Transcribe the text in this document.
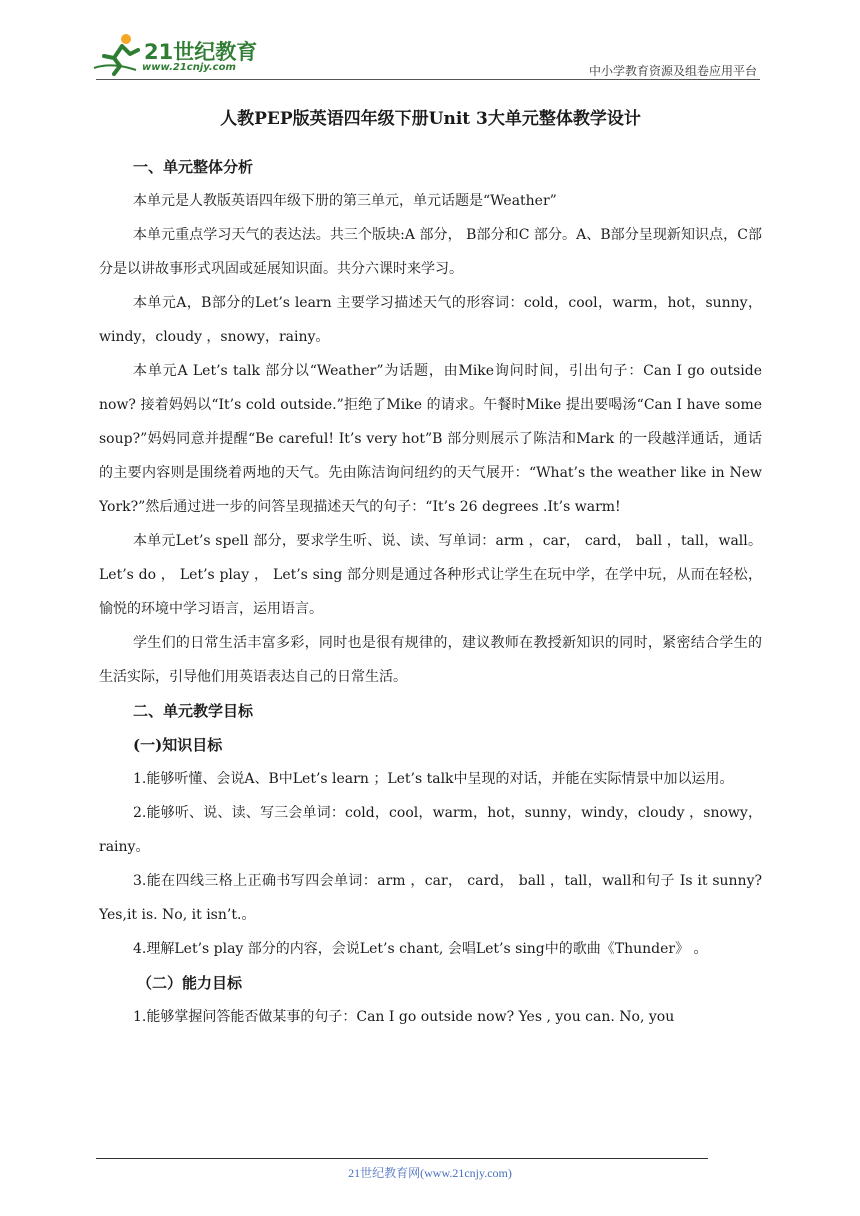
21世纪教育
www.21cnjy.com	中小学教育资源及组卷应用平台
人教PEP版英语四年级下册Unit 3大单元整体教学设计
一、单元整体分析

本单元是人教版英语四年级下册的第三单元，单元话题是“Weather”

本单元重点学习天气的表达法。共三个版块:A 部分， B部分和C 部分。A、B部分呈现新知识点，C部分是以讲故事形式巩固或延展知识面。共分六课时来学习。

本单元A，B部分的Let’s learn 主要学习描述天气的形容词：cold，cool，warm，hot，sunny，windy，cloudy ，snowy，rainy。

本单元A Let’s talk 部分以“Weather”为话题，由Mike询问时间，引出句子：Can I go outside now? 接着妈妈以“It’s cold outside.”拒绝了Mike 的请求。午餐时Mike 提出要喝汤“Can I have some soup?”妈妈同意并提醒“Be careful! It’s very hot”B 部分则展示了陈洁和Mark 的一段越洋通话，通话的主要内容则是围绕着两地的天气。先由陈洁询问纽约的天气展开：“What’s the weather like in New York?”然后通过进一步的问答呈现描述天气的句子：“It’s 26 degrees .It’s warm!

本单元Let’s spell 部分，要求学生听、说、读、写单词：arm ，car， card， ball ，tall，wall。 Let’s do ， Let’s play ， Let’s sing 部分则是通过各种形式让学生在玩中学，在学中玩，从而在轻松，愉悦的环境中学习语言，运用语言。

学生们的日常生活丰富多彩，同时也是很有规律的，建议教师在教授新知识的同时，紧密结合学生的生活实际，引导他们用英语表达自己的日常生活。

二、单元教学目标
(一)知识目标

1.能够听懂、会说A、B中Let’s learn ；Let’s talk中呈现的对话，并能在实际情景中加以运用。

2.能够听、说、读、写三会单词：cold，cool，warm，hot，sunny，windy，cloudy ，snowy，rainy。

3.能在四线三格上正确书写四会单词：arm ，car， card， ball ，tall，wall和句子 Is it sunny? Yes,it is. No, it isn’t.。

4.理解Let’s play 部分的内容，会说Let’s chant, 会唱Let’s sing中的歌曲《Thunder》 。

（二）能力目标

1.能够掌握问答能否做某事的句子：Can I go outside now? Yes , you can. No, you

21世纪教育网(www.21cnjy.com)
